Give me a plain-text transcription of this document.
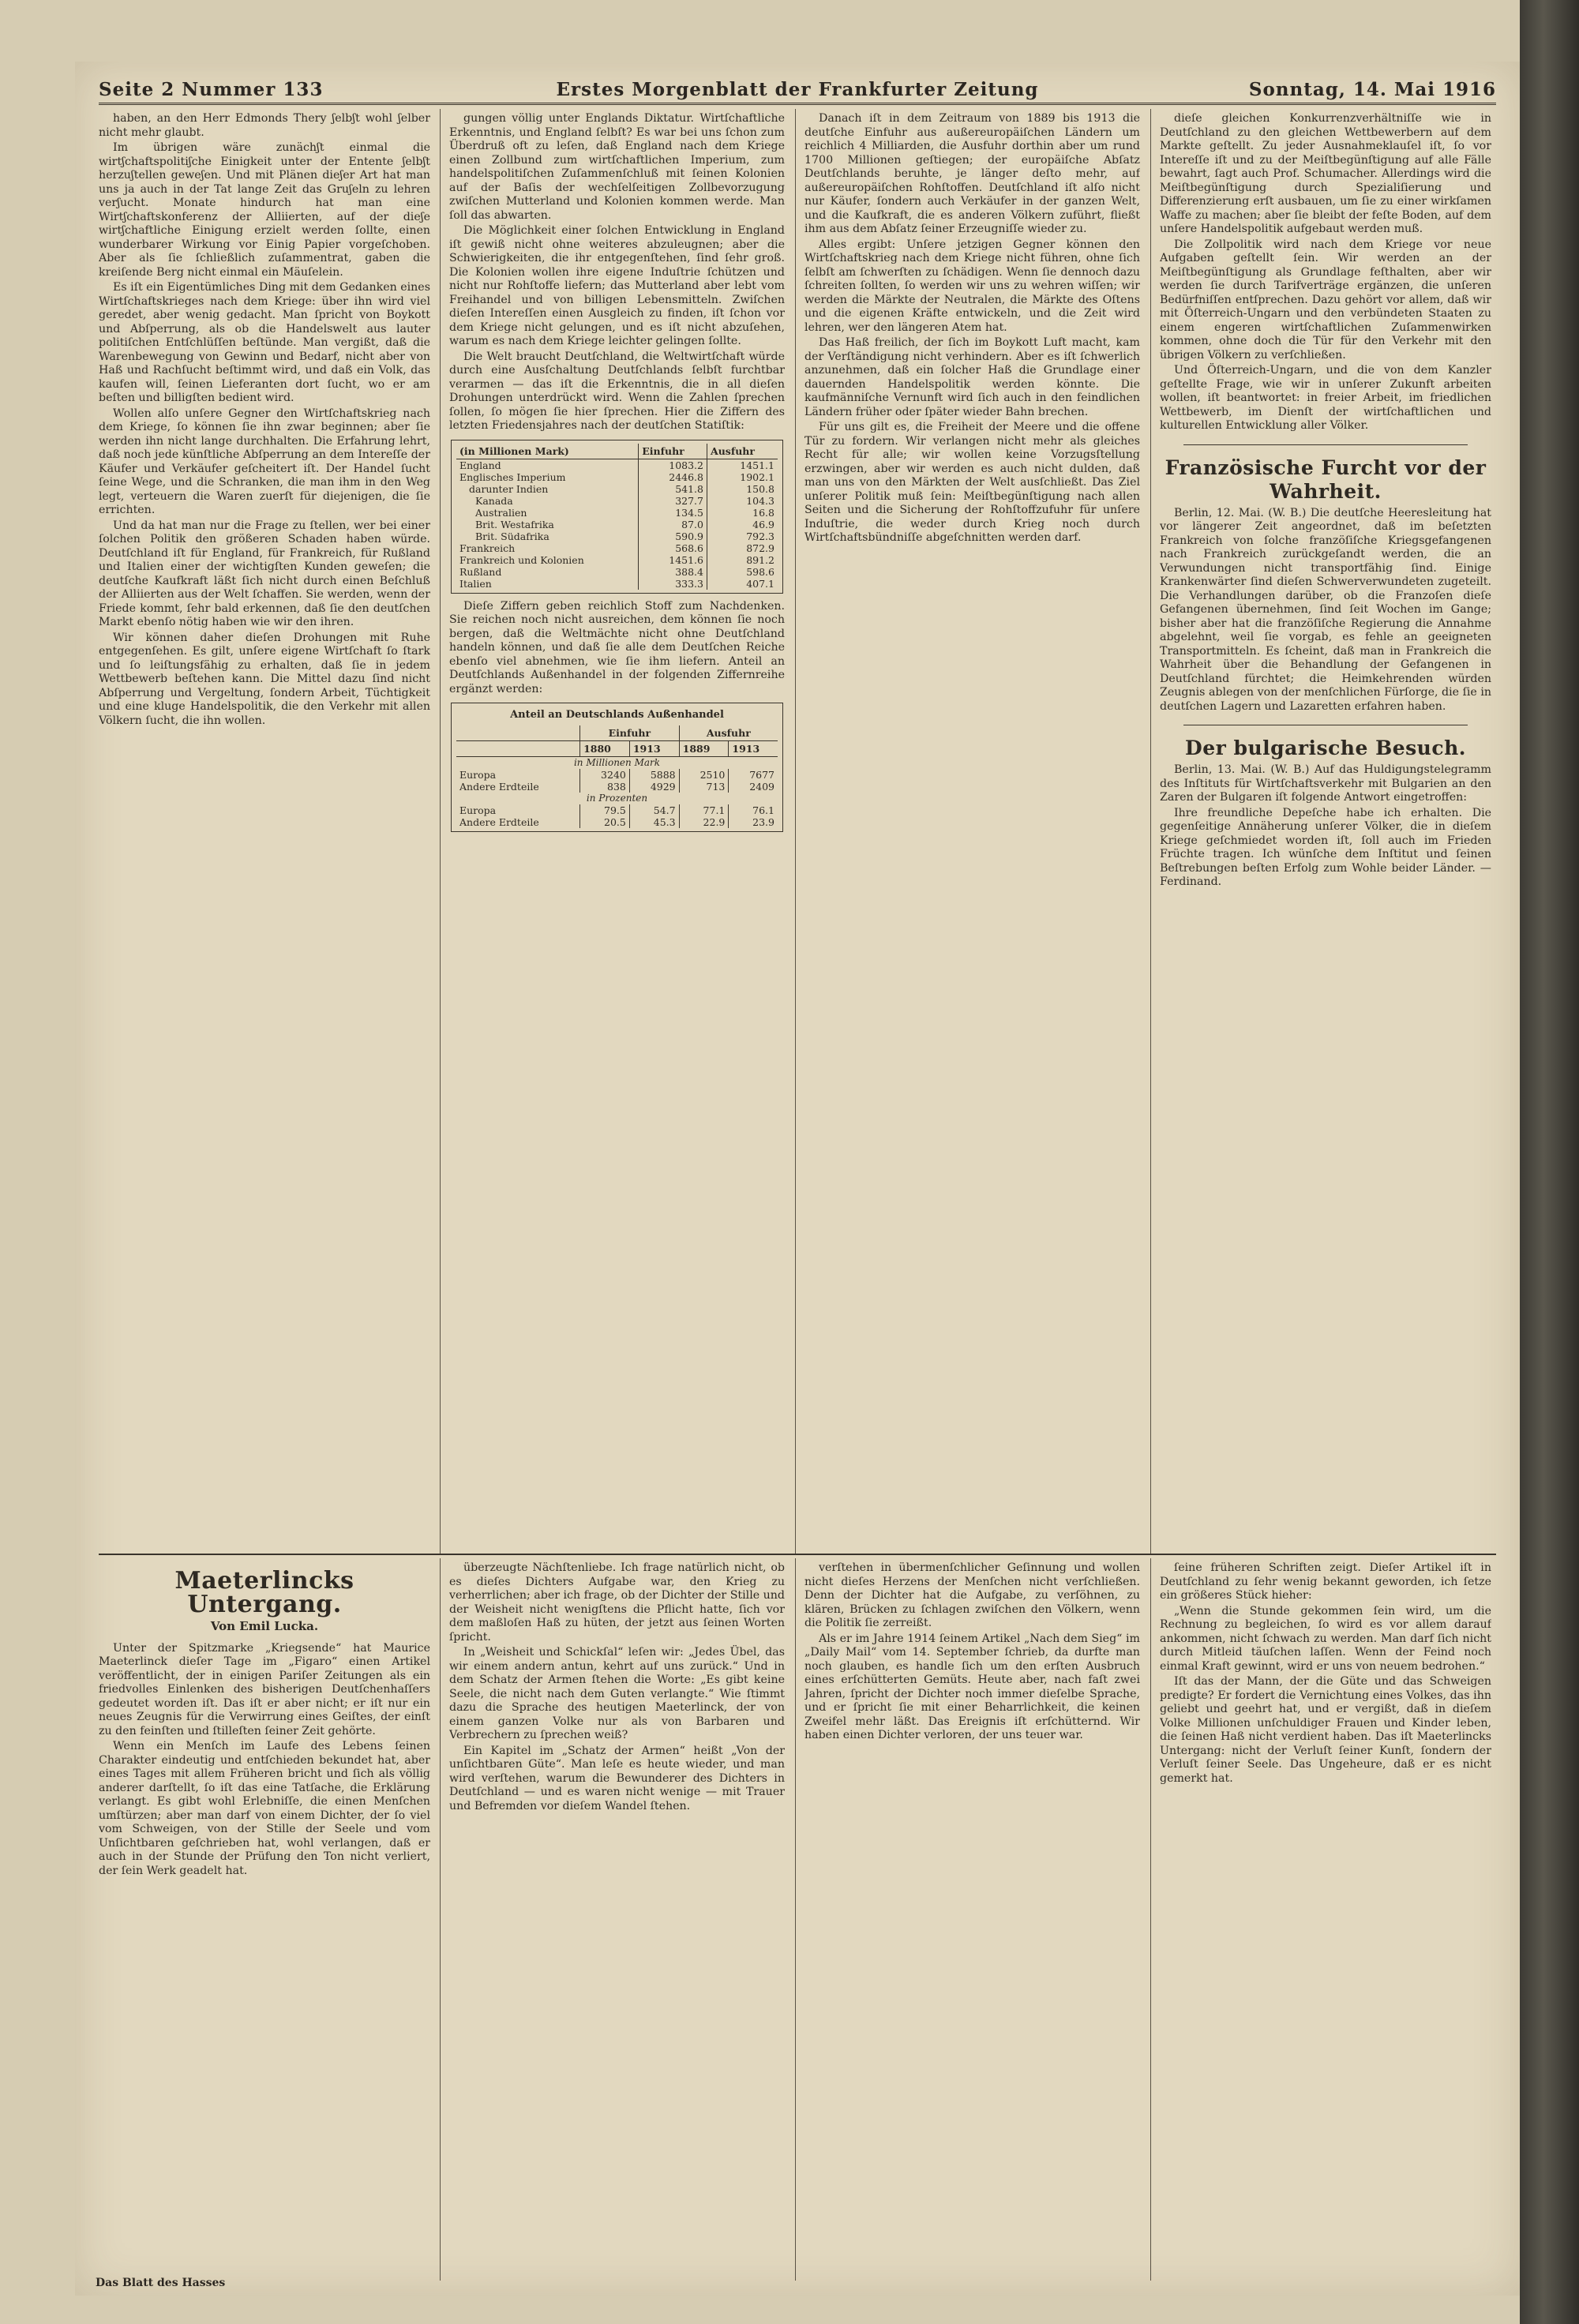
Seite 2 Nummer 133	Erstes Morgenblatt der Frankfurter Zeitung	Sonntag, 14. Mai 1916

haben, an den Herr Edmonds Thery ʃelbʃt wohl ʃelber nicht mehr glaubt.

Im übrigen wäre zunächʃt einmal die wirtʃchaftspolitiʃche Einigkeit unter der Entente ʃelbʃt herzuʃtellen geweʃen. Und mit Plänen dieʃer Art hat man uns ja auch in der Tat lange Zeit das Gruʃeln zu lehren verʃucht. Monate hindurch hat man eine Wirtʃchaftskonferenz der Alliierten, auf der dieʃe wirtʃchaftliche Einigung erzielt werden ſollte, einen wunderbarer Wirkung vor Einig Papier vorgeſchoben. Aber als ſie ſchließlich zuſammentrat, gaben die kreiſende Berg nicht einmal ein Mäuſelein.

Es iſt ein Eigentümliches Ding mit dem Gedanken eines Wirtſchaftskrieges nach dem Kriege: über ihn wird viel geredet, aber wenig gedacht. Man ſpricht von Boykott und Abſperrung, als ob die Handelswelt aus lauter politiſchen Entſchlüſſen beſtünde. Man vergißt, daß die Warenbewegung von Gewinn und Bedarf, nicht aber von Haß und Rachſucht beſtimmt wird, und daß ein Volk, das kaufen will, ſeinen Lieferanten dort ſucht, wo er am beſten und billigſten bedient wird.

Wollen alſo unſere Gegner den Wirtſchaftskrieg nach dem Kriege, ſo können ſie ihn zwar beginnen; aber ſie werden ihn nicht lange durchhalten. Die Erfahrung lehrt, daß noch jede künſtliche Abſperrung an dem Intereſſe der Käufer und Verkäufer geſcheitert iſt. Der Handel ſucht ſeine Wege, und die Schranken, die man ihm in den Weg legt, verteuern die Waren zuerſt für diejenigen, die ſie errichten.

Und da hat man nur die Frage zu ſtellen, wer bei einer ſolchen Politik den größeren Schaden haben würde. Deutſchland iſt für England, für Frankreich, für Rußland und Italien einer der wichtigſten Kunden geweſen; die deutſche Kaufkraft läßt ſich nicht durch einen Beſchluß der Alliierten aus der Welt ſchaffen. Sie werden, wenn der Friede kommt, ſehr bald erkennen, daß ſie den deutſchen Markt ebenſo nötig haben wie wir den ihren.

Wir können daher dieſen Drohungen mit Ruhe entgegenſehen. Es gilt, unſere eigene Wirtſchaft ſo ſtark und ſo leiſtungsfähig zu erhalten, daß ſie in jedem Wettbewerb beſtehen kann. Die Mittel dazu ſind nicht Abſperrung und Vergeltung, ſondern Arbeit, Tüchtigkeit und eine kluge Handelspolitik, die den Verkehr mit allen Völkern ſucht, die ihn wollen.

gungen völlig unter Englands Diktatur. Wirtſchaftliche Erkenntnis, und England ſelbſt? Es war bei uns ſchon zum Überdruß oft zu leſen, daß England nach dem Kriege einen Zollbund zum wirtſchaftlichen Imperium, zum handelspolitiſchen Zuſammenſchluß mit ſeinen Kolonien auf der Baſis der wechſelſeitigen Zollbevorzugung zwiſchen Mutterland und Kolonien kommen werde. Man ſoll das abwarten.

Die Möglichkeit einer ſolchen Entwicklung in England iſt gewiß nicht ohne weiteres abzuleugnen; aber die Schwierigkeiten, die ihr entgegenſtehen, ſind ſehr groß. Die Kolonien wollen ihre eigene Induſtrie ſchützen und nicht nur Rohſtoffe liefern; das Mutterland aber lebt vom Freihandel und von billigen Lebensmitteln. Zwiſchen dieſen Intereſſen einen Ausgleich zu finden, iſt ſchon vor dem Kriege nicht gelungen, und es iſt nicht abzuſehen, warum es nach dem Kriege leichter gelingen ſollte.

Die Welt braucht Deutſchland, die Weltwirtſchaft würde durch eine Ausſchaltung Deutſchlands ſelbſt furchtbar verarmen — das iſt die Erkenntnis, die in all dieſen Drohungen unterdrückt wird. Wenn die Zahlen ſprechen ſollen, ſo mögen ſie hier ſprechen. Hier die Ziffern des letzten Friedensjahres nach der deutſchen Statiſtik:

(in Millionen Mark)	Einfuhr	Ausfuhr
England	1083.2	1451.1
Englisches Imperium	2446.8	1902.1
darunter Indien	541.8	150.8
Kanada	327.7	104.3
Australien	134.5	16.8
Brit. Westafrika	87.0	46.9
Brit. Südafrika	590.9	792.3
Frankreich	568.6	872.9
Frankreich und Kolonien	1451.6	891.2
Rußland	388.4	598.6
Italien	333.3	407.1

Dieſe Ziffern geben reichlich Stoff zum Nachdenken. Sie reichen noch nicht ausreichen, dem können ſie noch bergen, daß die Weltmächte nicht ohne Deutſchland handeln können, und daß ſie alle dem Deutſchen Reiche ebenſo viel abnehmen, wie ſie ihm liefern. Anteil an Deutſchlands Außenhandel in der folgenden Ziffernreihe ergänzt werden:

Anteil an Deutschlands Außenhandel
	Einfuhr		Ausfuhr	
	1880	1913	1889	1913
in Millionen Mark				
Europa	3240	5888	2510	7677
Andere Erdteile	838	4929	713	2409
in Prozenten				
Europa	79.5	54.7	77.1	76.1
Andere Erdteile	20.5	45.3	22.9	23.9

Danach iſt in dem Zeitraum von 1889 bis 1913 die deutſche Einfuhr aus außereuropäiſchen Ländern um reichlich 4 Milliarden, die Ausfuhr dorthin aber um rund 1700 Millionen geſtiegen; der europäiſche Abſatz Deutſchlands beruhte, je länger deſto mehr, auf außereuropäiſchen Rohſtoffen. Deutſchland iſt alſo nicht nur Käufer, ſondern auch Verkäufer in der ganzen Welt, und die Kaufkraft, die es anderen Völkern zuführt, fließt ihm aus dem Abſatz ſeiner Erzeugniſſe wieder zu.

Alles ergibt: Unſere jetzigen Gegner können den Wirtſchaftskrieg nach dem Kriege nicht führen, ohne ſich ſelbſt am ſchwerſten zu ſchädigen. Wenn ſie dennoch dazu ſchreiten ſollten, ſo werden wir uns zu wehren wiſſen; wir werden die Märkte der Neutralen, die Märkte des Oſtens und die eigenen Kräfte entwickeln, und die Zeit wird lehren, wer den längeren Atem hat.

Das Haß freilich, der ſich im Boykott Luft macht, kam der Verſtändigung nicht verhindern. Aber es iſt ſchwerlich anzunehmen, daß ein ſolcher Haß die Grundlage einer dauernden Handelspolitik werden könnte. Die kaufmänniſche Vernunft wird ſich auch in den feindlichen Ländern früher oder ſpäter wieder Bahn brechen.

Für uns gilt es, die Freiheit der Meere und die offene Tür zu fordern. Wir verlangen nicht mehr als gleiches Recht für alle; wir wollen keine Vorzugsſtellung erzwingen, aber wir werden es auch nicht dulden, daß man uns von den Märkten der Welt ausſchließt. Das Ziel unſerer Politik muß ſein: Meiſtbegünſtigung nach allen Seiten und die Sicherung der Rohſtoffzufuhr für unſere Induſtrie, die weder durch Krieg noch durch Wirtſchaftsbündniſſe abgeſchnitten werden darf.

dieſe gleichen Konkurrenzverhältniſſe wie in Deutſchland zu den gleichen Wettbewerbern auf dem Markte geſtellt. Zu jeder Ausnahmeklauſel iſt, ſo vor Intereſſe iſt und zu der Meiſtbegünſtigung auf alle Fälle bewahrt, ſagt auch Prof. Schumacher. Allerdings wird die Meiſtbegünſtigung durch Spezialiſierung und Differenzierung erſt ausbauen, um ſie zu einer wirkſamen Waffe zu machen; aber ſie bleibt der feſte Boden, auf dem unſere Handelspolitik aufgebaut werden muß.

Die Zollpolitik wird nach dem Kriege vor neue Aufgaben geſtellt ſein. Wir werden an der Meiſtbegünſtigung als Grundlage feſthalten, aber wir werden ſie durch Tarifverträge ergänzen, die unſeren Bedürfniſſen entſprechen. Dazu gehört vor allem, daß wir mit Öſterreich-Ungarn und den verbündeten Staaten zu einem engeren wirtſchaftlichen Zuſammenwirken kommen, ohne doch die Tür für den Verkehr mit den übrigen Völkern zu verſchließen.

Und Öſterreich-Ungarn, und die von dem Kanzler geſtellte Frage, wie wir in unſerer Zukunft arbeiten wollen, iſt beantwortet: in freier Arbeit, im friedlichen Wettbewerb, im Dienſt der wirtſchaftlichen und kulturellen Entwicklung aller Völker.

Französische Furcht vor der Wahrheit.

Berlin, 12. Mai. (W. B.) Die deutſche Heeresleitung hat vor längerer Zeit angeordnet, daß im beſetzten Frankreich von ſolche franzöſiſche Kriegsgefangenen nach Frankreich zurückgeſandt werden, die an Verwundungen nicht transportfähig ſind. Einige Krankenwärter ſind dieſen Schwerverwundeten zugeteilt. Die Verhandlungen darüber, ob die Franzoſen dieſe Gefangenen übernehmen, ſind ſeit Wochen im Gange; bisher aber hat die franzöſiſche Regierung die Annahme abgelehnt, weil ſie vorgab, es fehle an geeigneten Transportmitteln. Es ſcheint, daß man in Frankreich die Wahrheit über die Behandlung der Gefangenen in Deutſchland fürchtet; die Heimkehrenden würden Zeugnis ablegen von der menſchlichen Fürſorge, die ſie in deutſchen Lagern und Lazaretten erfahren haben.

Der bulgarische Besuch.

Berlin, 13. Mai. (W. B.) Auf das Huldigungstelegramm des Inſtituts für Wirtſchaftsverkehr mit Bulgarien an den Zaren der Bulgaren iſt folgende Antwort eingetroffen:

Ihre freundliche Depeſche habe ich erhalten. Die gegenſeitige Annäherung unſerer Völker, die in dieſem Kriege geſchmiedet worden iſt, ſoll auch im Frieden Früchte tragen. Ich wünſche dem Inſtitut und ſeinen Beſtrebungen beſten Erfolg zum Wohle beider Länder. — Ferdinand.

Maeterlincks Untergang.
Von Emil Lucka.

Unter der Spitzmarke „Kriegsende“ hat Maurice Maeterlinck dieſer Tage im „Figaro“ einen Artikel veröffentlicht, der in einigen Pariſer Zeitungen als ein friedvolles Einlenken des bisherigen Deutſchenhaſſers gedeutet worden iſt. Das iſt er aber nicht; er iſt nur ein neues Zeugnis für die Verwirrung eines Geiſtes, der einſt zu den feinſten und ſtilleſten ſeiner Zeit gehörte.

Wenn ein Menſch im Laufe des Lebens ſeinen Charakter eindeutig und entſchieden bekundet hat, aber eines Tages mit allem Früheren bricht und ſich als völlig anderer darſtellt, ſo iſt das eine Tatſache, die Erklärung verlangt. Es gibt wohl Erlebniſſe, die einen Menſchen umſtürzen; aber man darf von einem Dichter, der ſo viel vom Schweigen, von der Stille der Seele und vom Unſichtbaren geſchrieben hat, wohl verlangen, daß er auch in der Stunde der Prüfung den Ton nicht verliert, der ſein Werk geadelt hat.

überzeugte Nächſtenliebe. Ich frage natürlich nicht, ob es dieſes Dichters Aufgabe war, den Krieg zu verherrlichen; aber ich frage, ob der Dichter der Stille und der Weisheit nicht wenigſtens die Pflicht hatte, ſich vor dem maßloſen Haß zu hüten, der jetzt aus ſeinen Worten ſpricht.

In „Weisheit und Schickſal“ leſen wir: „Jedes Übel, das wir einem andern antun, kehrt auf uns zurück.“ Und in dem Schatz der Armen ſtehen die Worte: „Es gibt keine Seele, die nicht nach dem Guten verlangte.“ Wie ſtimmt dazu die Sprache des heutigen Maeterlinck, der von einem ganzen Volke nur als von Barbaren und Verbrechern zu ſprechen weiß?

Ein Kapitel im „Schatz der Armen“ heißt „Von der unſichtbaren Güte“. Man leſe es heute wieder, und man wird verſtehen, warum die Bewunderer des Dichters in Deutſchland — und es waren nicht wenige — mit Trauer und Befremden vor dieſem Wandel ſtehen.

verſtehen in übermenſchlicher Geſinnung und wollen nicht dieſes Herzens der Menſchen nicht verſchließen. Denn der Dichter hat die Aufgabe, zu verſöhnen, zu klären, Brücken zu ſchlagen zwiſchen den Völkern, wenn die Politik ſie zerreißt.

Als er im Jahre 1914 ſeinem Artikel „Nach dem Sieg“ im „Daily Mail“ vom 14. September ſchrieb, da durfte man noch glauben, es handle ſich um den erſten Ausbruch eines erſchütterten Gemüts. Heute aber, nach faſt zwei Jahren, ſpricht der Dichter noch immer dieſelbe Sprache, und er ſpricht ſie mit einer Beharrlichkeit, die keinen Zweifel mehr läßt. Das Ereignis iſt erſchütternd. Wir haben einen Dichter verloren, der uns teuer war.

ſeine früheren Schriften zeigt. Dieſer Artikel iſt in Deutſchland zu ſehr wenig bekannt geworden, ich ſetze ein größeres Stück hieher:

„Wenn die Stunde gekommen ſein wird, um die Rechnung zu begleichen, ſo wird es vor allem darauf ankommen, nicht ſchwach zu werden. Man darf ſich nicht durch Mitleid täuſchen laſſen. Wenn der Feind noch einmal Kraft gewinnt, wird er uns von neuem bedrohen.“

Iſt das der Mann, der die Güte und das Schweigen predigte? Er fordert die Vernichtung eines Volkes, das ihn geliebt und geehrt hat, und er vergißt, daß in dieſem Volke Millionen unſchuldiger Frauen und Kinder leben, die ſeinen Haß nicht verdient haben. Das iſt Maeterlincks Untergang: nicht der Verluſt ſeiner Kunſt, ſondern der Verluſt ſeiner Seele. Das Ungeheure, daß er es nicht gemerkt hat.

Das Blatt des Hasses
